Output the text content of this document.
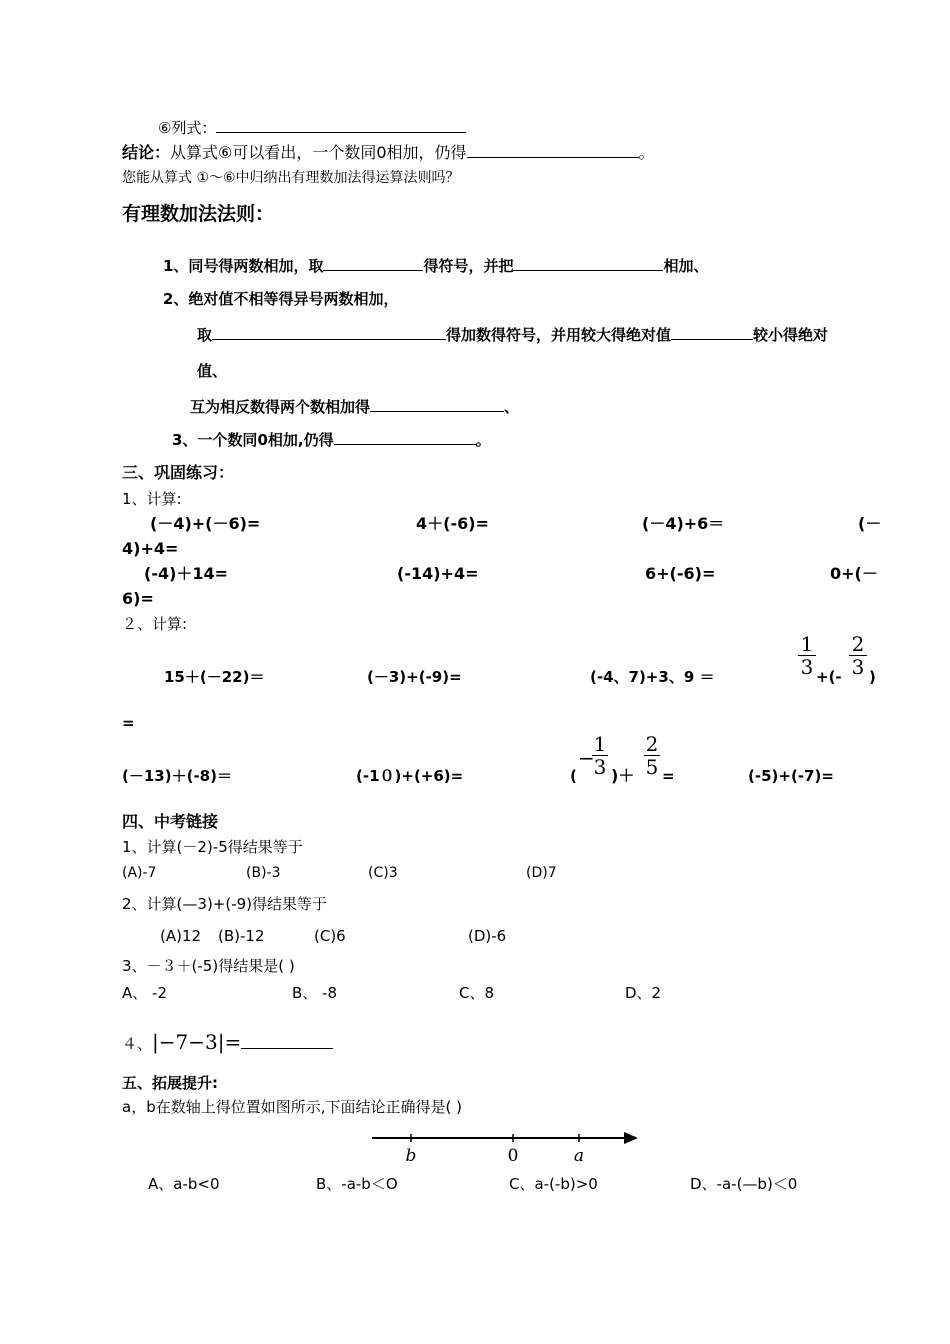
⑥列式：
结论：从算式⑥可以看出，一个数同0相加，仍得	。
您能从算式 ①～⑥中归纳出有理数加法得运算法则吗？
有理数加法法则：
1、同号得两数相加，取	得符号，并把	相加、
2、绝对值不相等得异号两数相加，
取	得加数得符号，并用较大得绝对值	较小得绝对
值、
互为相反数得两个数相加得	、
3、一个数同0相加,仍得	。
三、巩固练习：
1、计算:
(－4)+(－6)=	4＋(-6)=	(－4)+6＝	(－
4)+4=
(-4)＋14=	(-14)+4=	6+(-6)=	0+(－
6)=
２、计算:
15＋(－22)＝	(－3)+(-9)=	(-4、7)+3、9 ＝
1
3 +(-
2
3 )
=
(－13)＋(-8)＝	(-1０)+(+6)=	(
−
1
3 )＋
2
5 =	(-5)+(-7)=
四、中考链接
1、计算(－2)-5得结果等于
(A)-7	(B)-3	(C)3	(D)7
2、计算(—3)+(-9)得结果等于
(A)12 (B)-12	(C)6	(D)-6
3、－３＋(-5)得结果是( )
A、 -2	B、 -8	C、8	D、2
４、|−7−3|=
五、拓展提升:
a，b在数轴上得位置如图所示,下面结论正确得是( )
b	0	a
A、a-b<0	B、-a-b＜O	C、a-(-b)>0	D、-a-(—b)＜0
